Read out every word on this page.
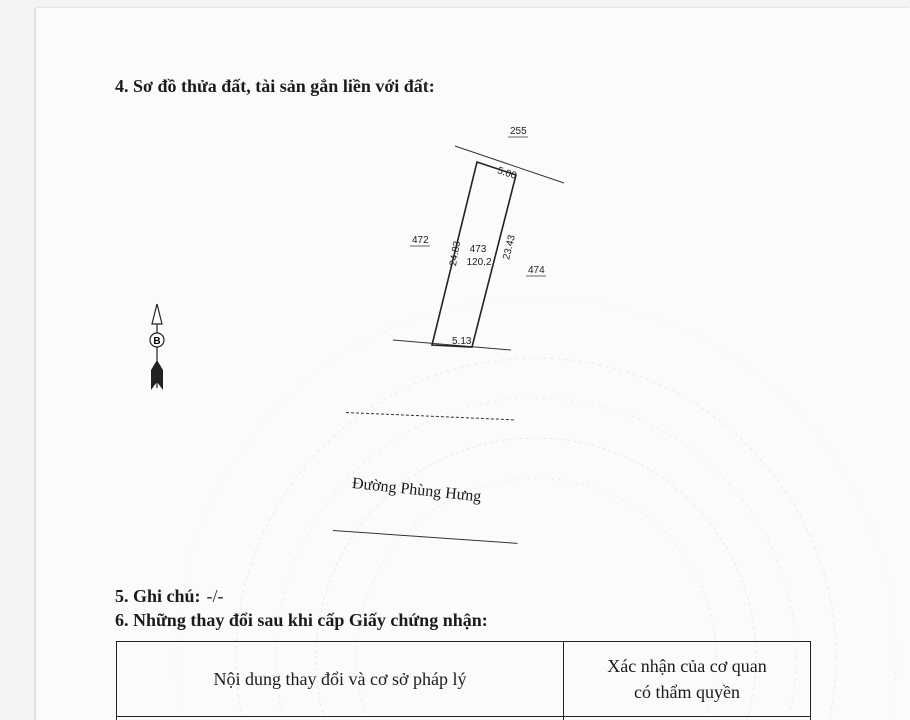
B
255
472
474
5.00
5.13
24.83	23.43
473
120.2
4. Sơ đồ thửa đất, tài sản gắn liền với đất:
Đường Phùng Hưng
5. Ghi chú: -/-
6. Những thay đổi sau khi cấp Giấy chứng nhận:
Nội dung thay đổi và cơ sở pháp lý	Xác nhận của cơ quan
có thẩm quyền
